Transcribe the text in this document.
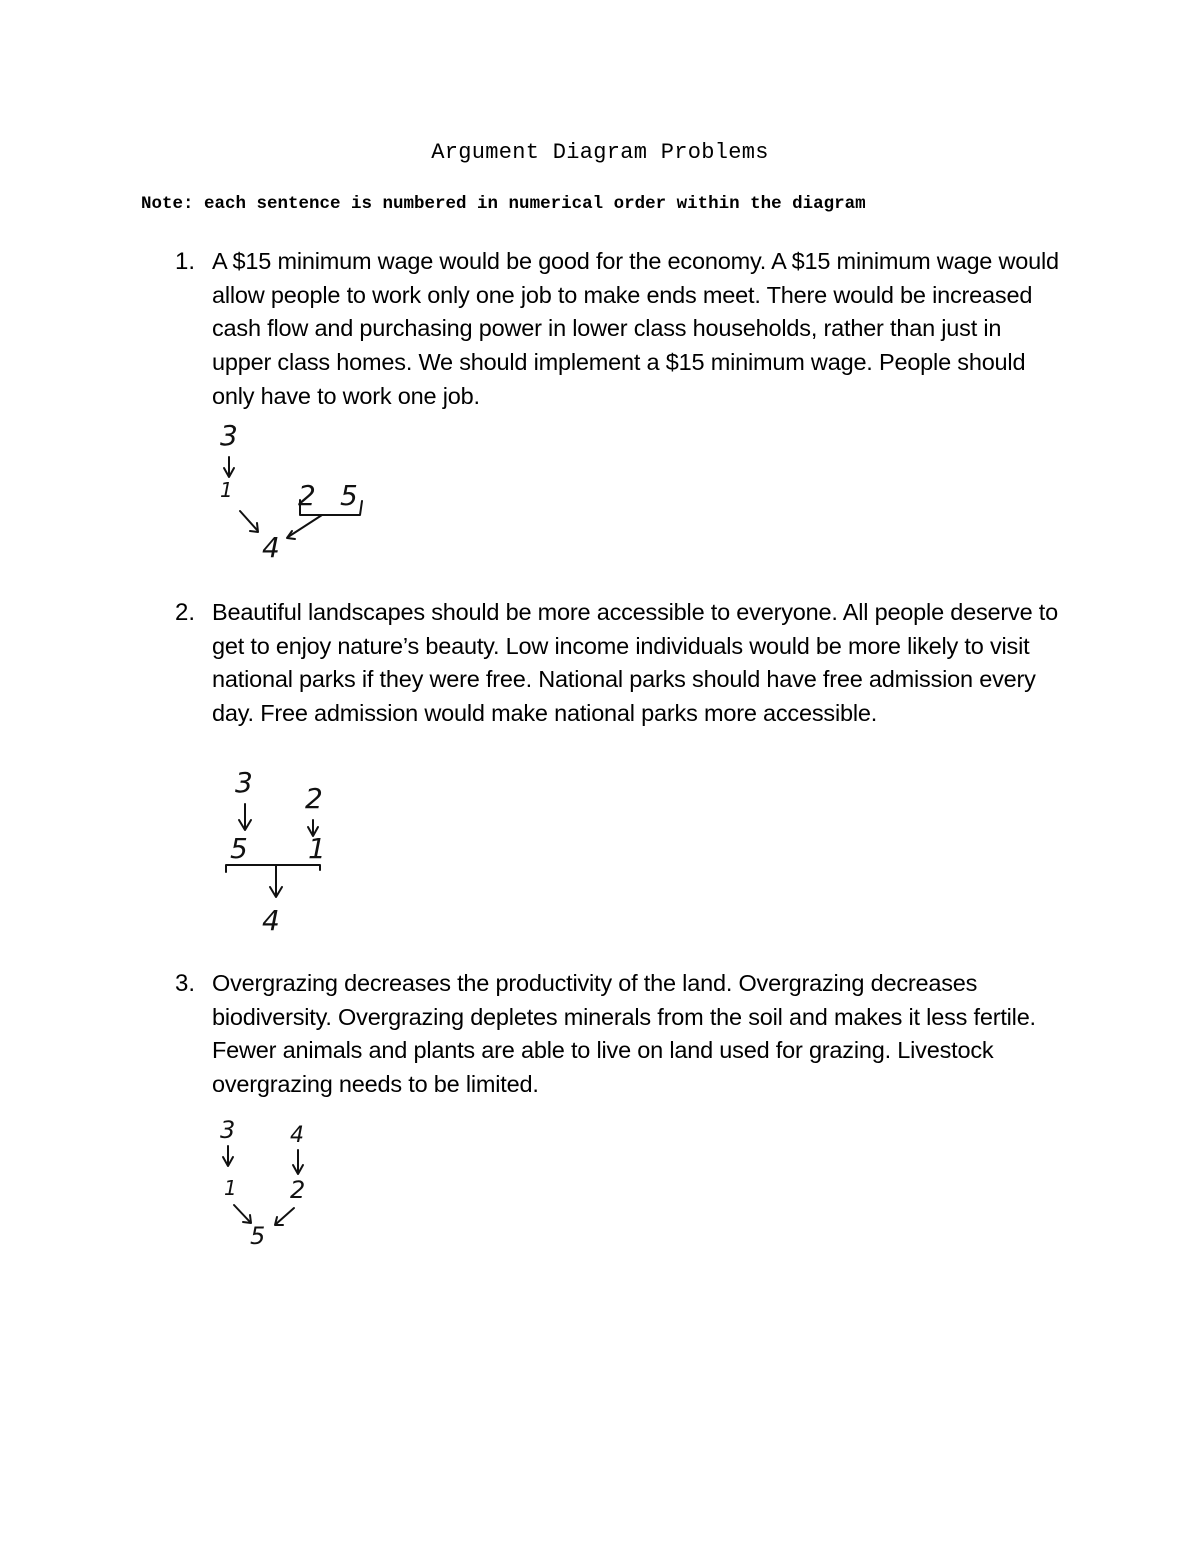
Argument Diagram Problems
Note: each sentence is numbered in numerical order within the diagram
1. A $15 minimum wage would be good for the economy. A $15 minimum wage would allow people to work only one job to make ends meet. There would be increased cash flow and purchasing power in lower class households, rather than just in upper class homes. We should implement a $15 minimum wage. People should only have to work one job.
3
1 2 5
4
2. Beautiful landscapes should be more accessible to everyone. All people deserve to get to enjoy nature’s beauty. Low income individuals would be more likely to visit national parks if they were free. National parks should have free admission every day. Free admission would make national parks more accessible.
3 2
5 1
4
3. Overgrazing decreases the productivity of the land. Overgrazing decreases biodiversity. Overgrazing depletes minerals from the soil and makes it less fertile. Fewer animals and plants are able to live on land used for grazing. Livestock overgrazing needs to be limited.
3 4
1 2
5
